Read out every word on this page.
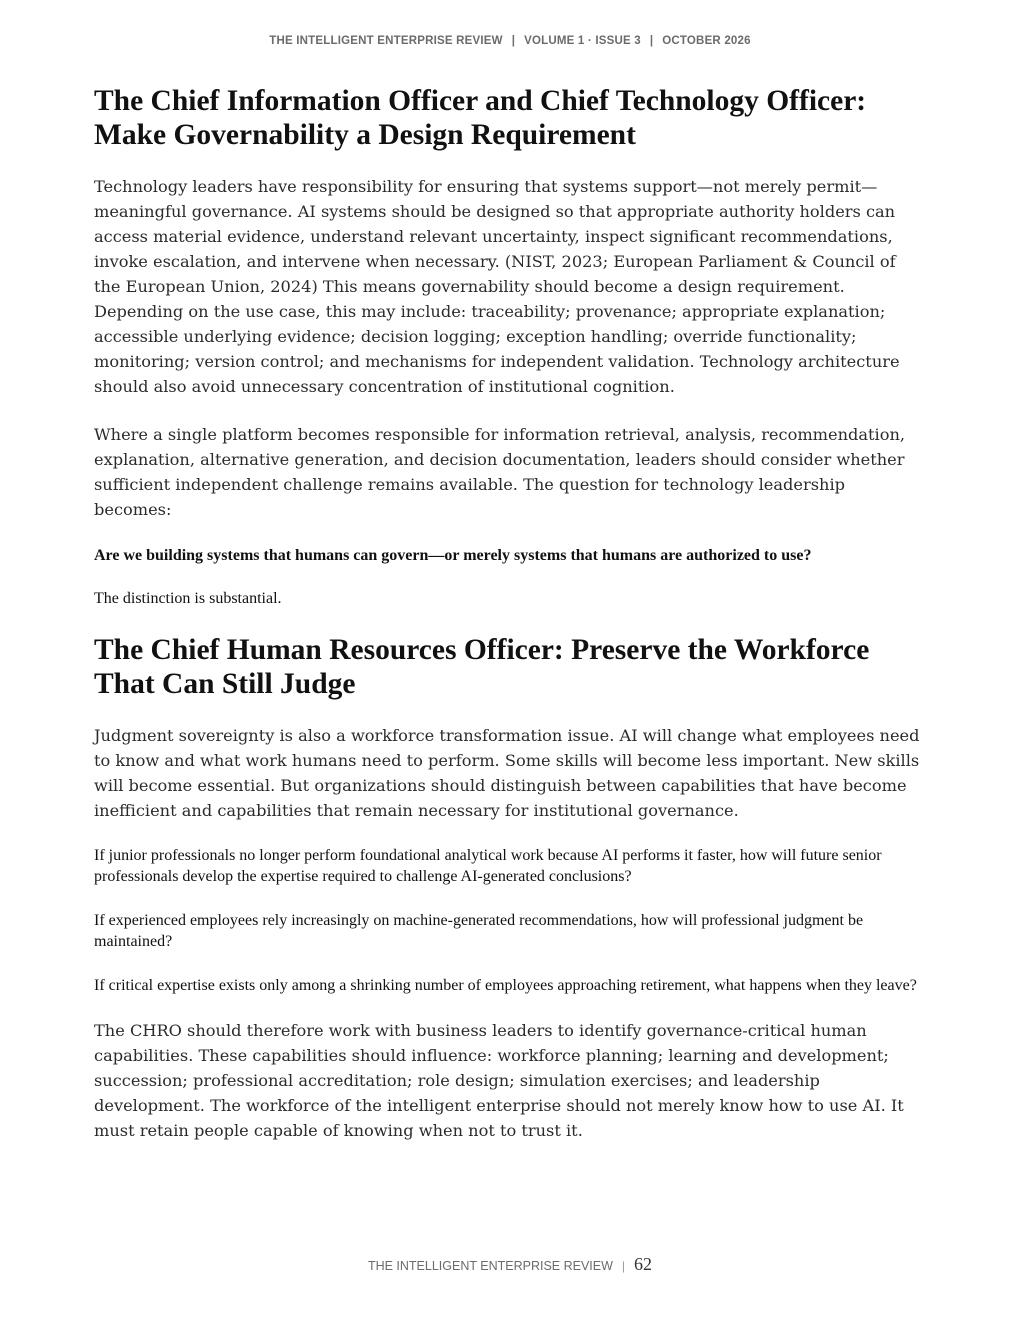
THE INTELLIGENT ENTERPRISE REVIEW | VOLUME 1 · ISSUE 3 | OCTOBER 2026
The Chief Information Officer and Chief Technology Officer: Make Governability a Design Requirement

Technology leaders have responsibility for ensuring that systems support—not merely permit—meaningful governance. AI systems should be designed so that appropriate authority holders can access material evidence, understand relevant uncertainty, inspect significant recommendations, invoke escalation, and intervene when necessary. (NIST, 2023; European Parliament & Council of the European Union, 2024) This means governability should become a design requirement. Depending on the use case, this may include: traceability; provenance; appropriate explanation; accessible underlying evidence; decision logging; exception handling; override functionality; monitoring; version control; and mechanisms for independent validation. Technology architecture should also avoid unnecessary concentration of institutional cognition.

Where a single platform becomes responsible for information retrieval, analysis, recommendation, explanation, alternative generation, and decision documentation, leaders should consider whether sufficient independent challenge remains available. The question for technology leadership becomes:

Are we building systems that humans can govern—or merely systems that humans are authorized to use?

The distinction is substantial.

The Chief Human Resources Officer: Preserve the Workforce That Can Still Judge

Judgment sovereignty is also a workforce transformation issue. AI will change what employees need to know and what work humans need to perform. Some skills will become less important. New skills will become essential. But organizations should distinguish between capabilities that have become inefficient and capabilities that remain necessary for institutional governance.

If junior professionals no longer perform foundational analytical work because AI performs it faster, how will future senior professionals develop the expertise required to challenge AI-generated conclusions?

If experienced employees rely increasingly on machine-generated recommendations, how will professional judgment be maintained?

If critical expertise exists only among a shrinking number of employees approaching retirement, what happens when they leave?

The CHRO should therefore work with business leaders to identify governance-critical human capabilities. These capabilities should influence: workforce planning; learning and development; succession; professional accreditation; role design; simulation exercises; and leadership development. The workforce of the intelligent enterprise should not merely know how to use AI. It must retain people capable of knowing when not to trust it.

THE INTELLIGENT ENTERPRISE REVIEW | 62
